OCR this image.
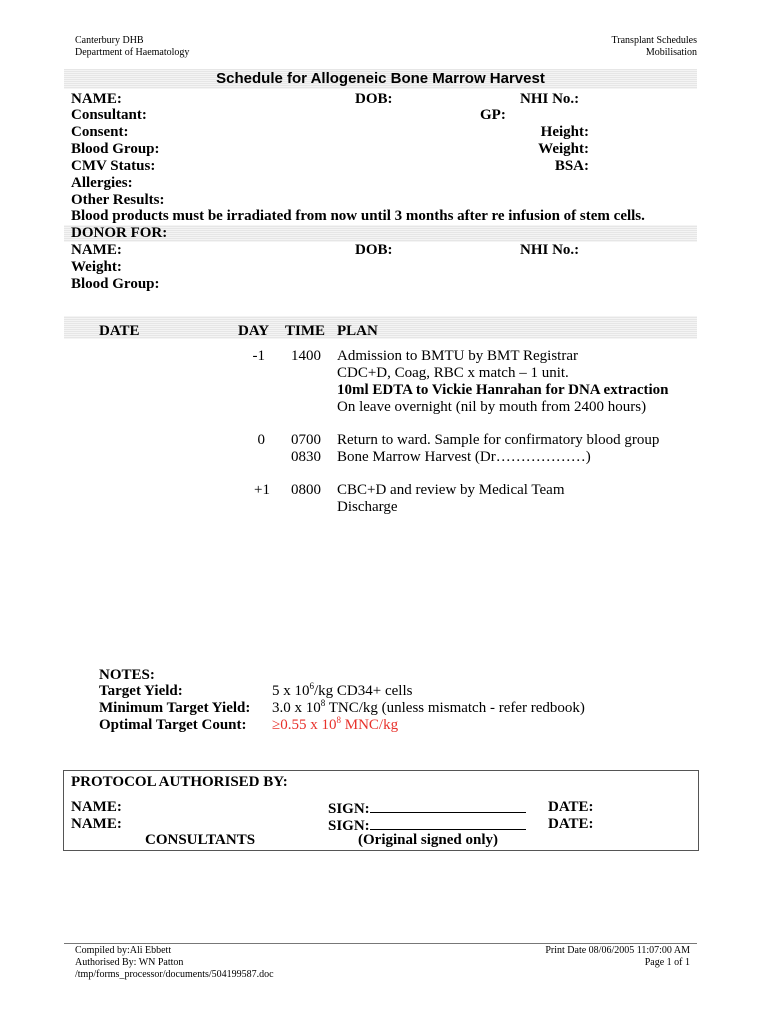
Canterbury DHB
Department of Haematology
Transplant Schedules
Mobilisation
Schedule for Allogeneic Bone Marrow Harvest
NAME:	DOB:	NHI No.:
Consultant:	GP:
Consent:	Height:
Blood Group:	Weight:
CMV Status:	BSA:
Allergies:
Other Results:
Blood products must be irradiated from now until 3 months after re infusion of stem cells.
DONOR FOR:
NAME:	DOB:	NHI No.:
Weight:
Blood Group:
DATE	DAY TIME PLAN
-1 1400 Admission to BMTU by BMT Registrar
CDC+D, Coag, RBC x match – 1 unit.
10ml EDTA to Vickie Hanrahan for DNA extraction
On leave overnight (nil by mouth from 2400 hours)
0 0700 Return to ward. Sample for confirmatory blood group
0830 Bone Marrow Harvest (Dr………………)
+1 0800 CBC+D and review by Medical Team
Discharge
NOTES:
Target Yield:	5 x $10^6/kg$ CD34+ cells
Minimum Target Yield: 3.0 x $10^8$ TNC/kg (unless mismatch - refer redbook)
Optimal Target Count: ≥0.55 x $10^8$ MNC/kg
PROTOCOL AUTHORISED BY:
NAME:	SIGN:	DATE:
NAME:	SIGN:	DATE:
CONSULTANTS	(Original signed only)
Compiled by:Ali Ebbett
Authorised By: WN Patton
/tmp/forms_processor/documents/504199587.doc
Print Date 08/06/2005 11:07:00 AM
Page 1 of 1
